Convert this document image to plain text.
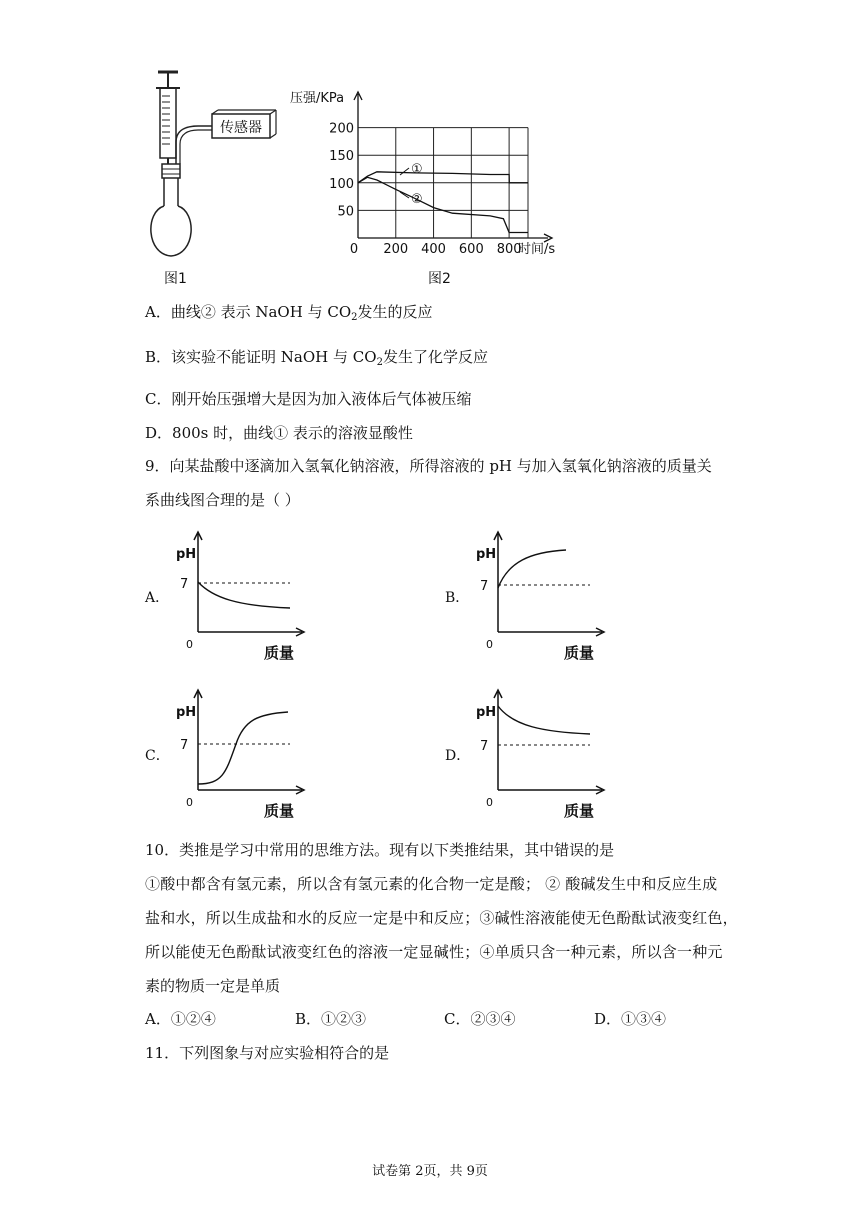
传感器
图1
压强/KPa
时间/s
50
100
150
200
0 200 400 600 800
①
②
图2
A．曲线② 表示 NaOH 与 $CO_2$发生的反应
B．该实验不能证明 NaOH 与 $CO_2$发生了化学反应
C．刚开始压强增大是因为加入液体后气体被压缩
D．800s 时，曲线① 表示的溶液显酸性
9．向某盐酸中逐滴加入氢氧化钠溶液，所得溶液的 pH 与加入氢氧化钠溶液的质量关
系曲线图合理的是（ ）
A．	B．
C．	D．
pH
7
0	质量
pH
7
0	质量
pH
7
0	质量
pH
7
0	质量
10．类推是学习中常用的思维方法。现有以下类推结果，其中错误的是
①酸中都含有氢元素，所以含有氢元素的化合物一定是酸； ② 酸碱发生中和反应生成
盐和水，所以生成盐和水的反应一定是中和反应；③碱性溶液能使无色酚酞试液变红色，
所以能使无色酚酞试液变红色的溶液一定显碱性；④单质只含一种元素，所以含一种元
素的物质一定是单质
A．①②④	B．①②③	C．②③④	D．①③④
11．下列图象与对应实验相符合的是
试卷第 2页，共 9页
